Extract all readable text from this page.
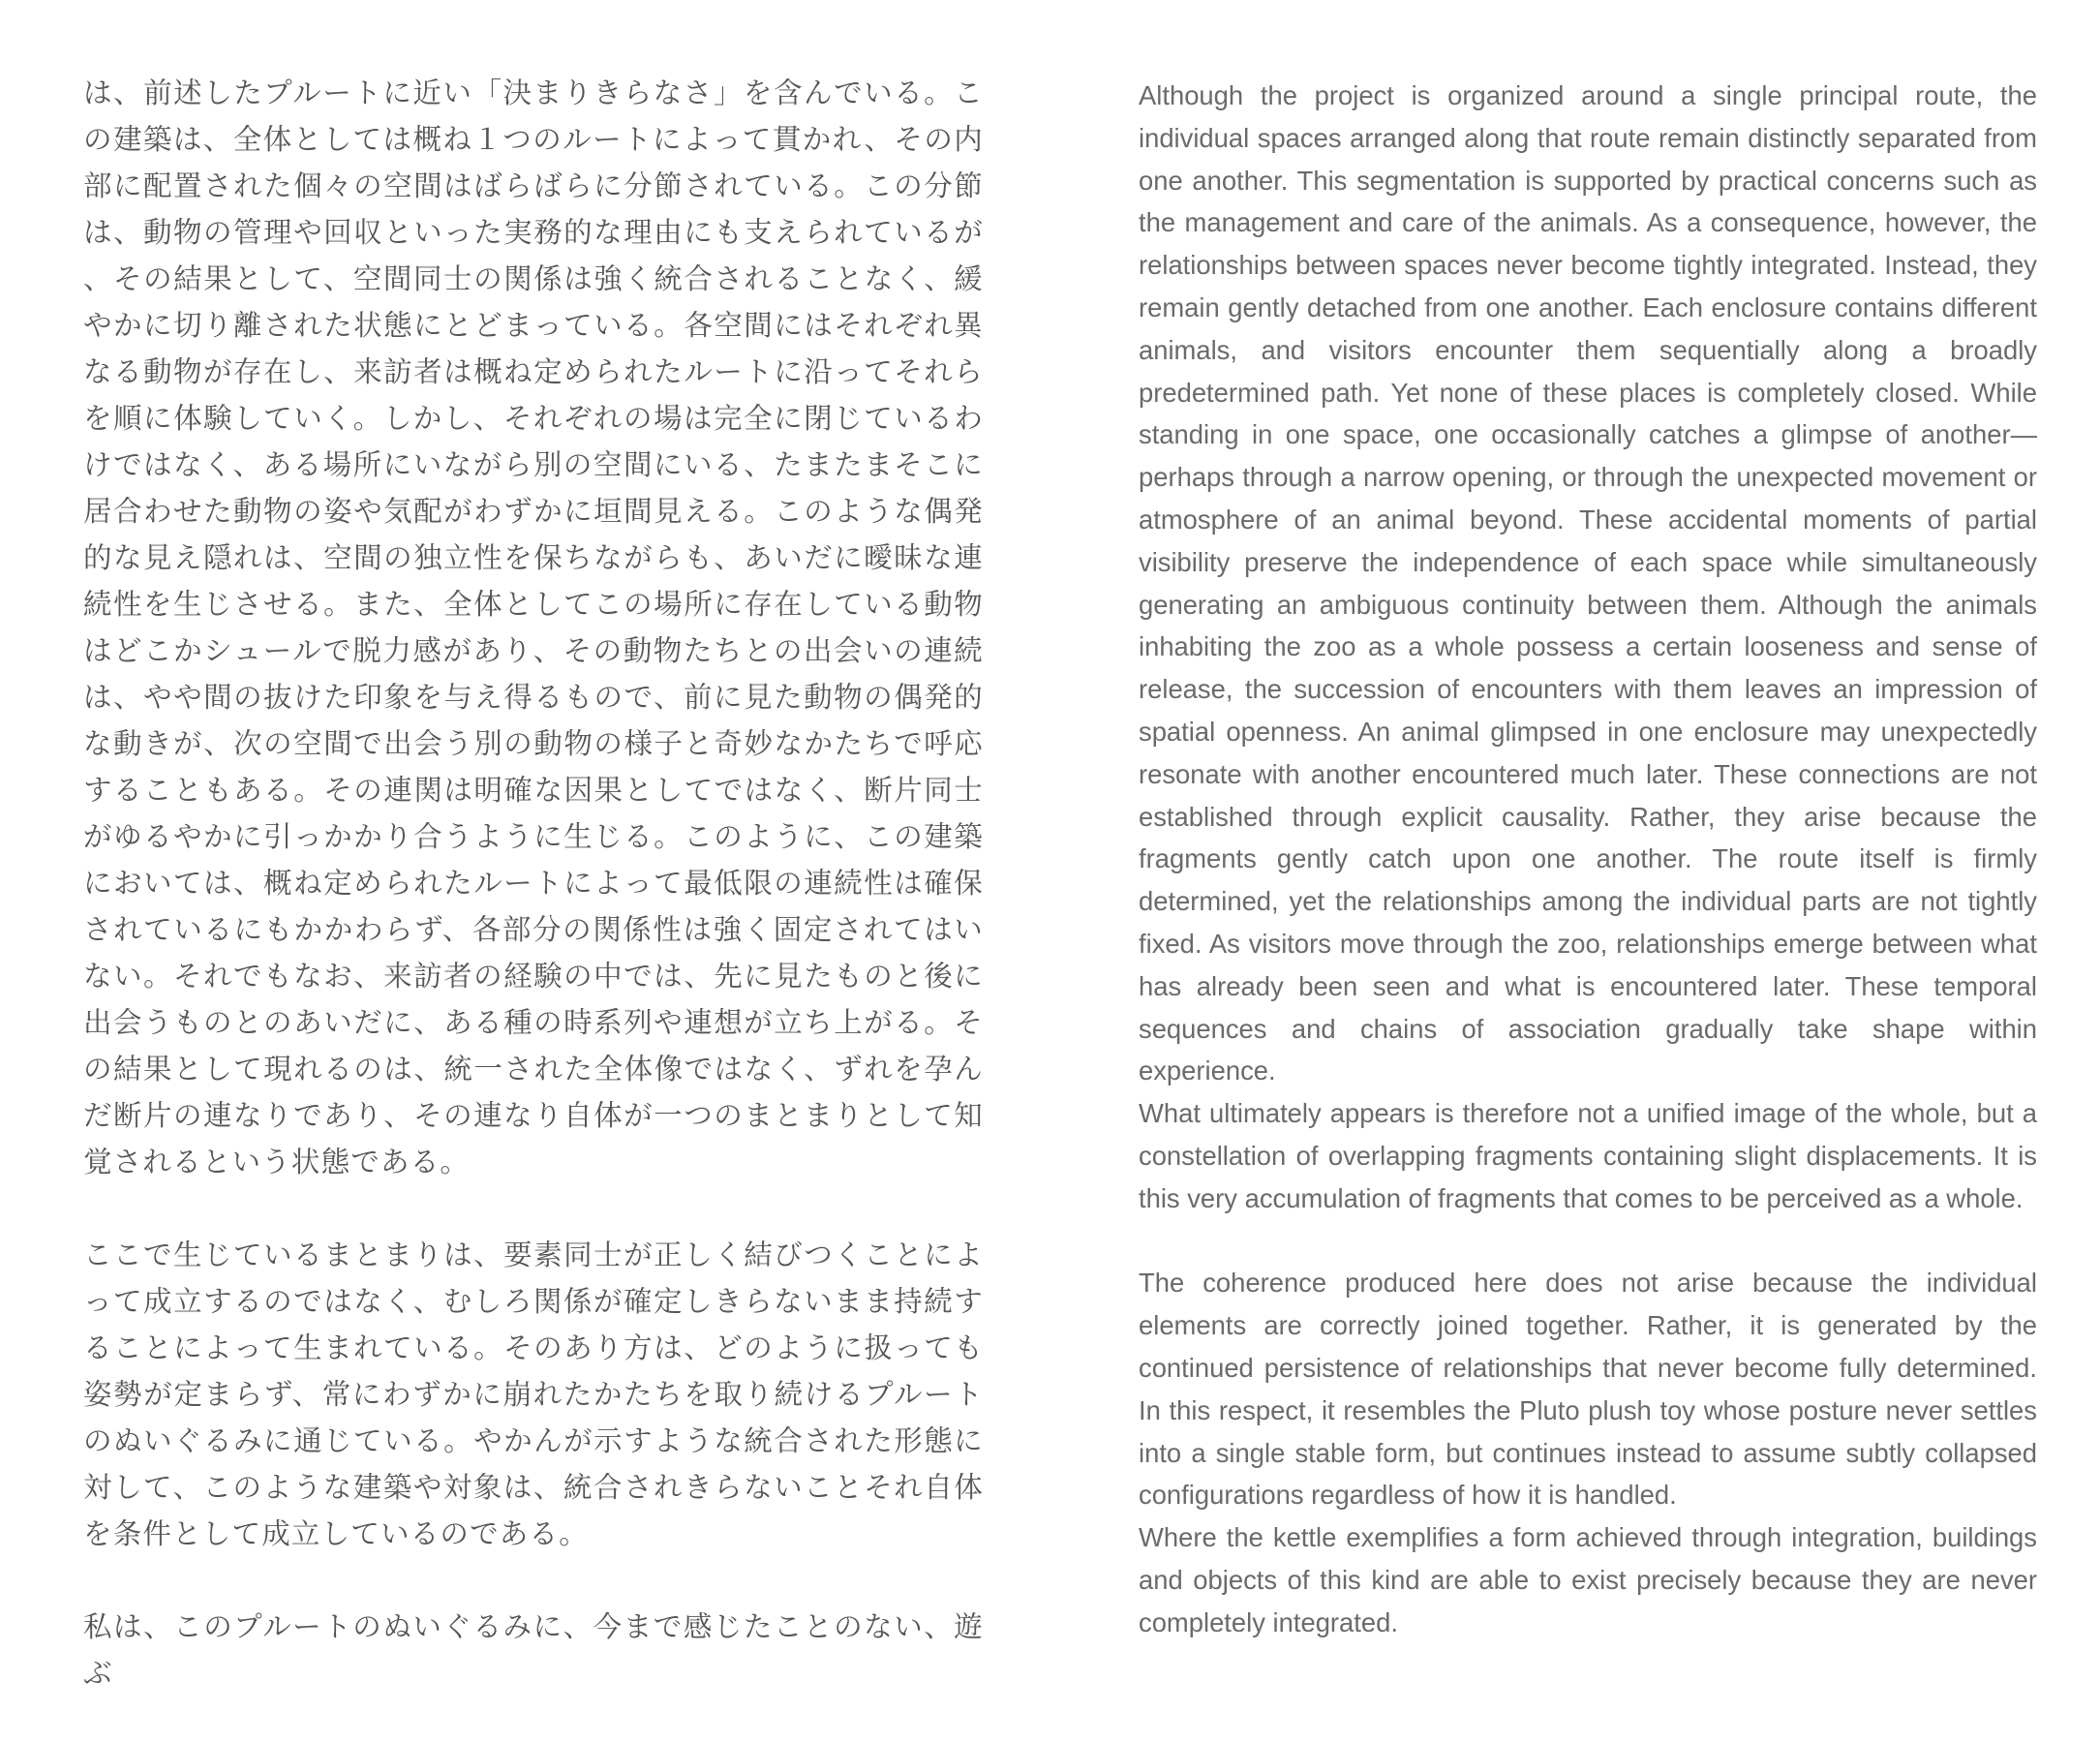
は、前述したプルートに近い「決まりきらなさ」を含んでいる。この建築は、全体としては概ね１つのルートによって貫かれ、その内部に配置された個々の空間はばらばらに分節されている。この分節は、動物の管理や回収といった実務的な理由にも支えられているが、その結果として、空間同士の関係は強く統合されることなく、緩やかに切り離された状態にとどまっている。各空間にはそれぞれ異なる動物が存在し、来訪者は概ね定められたルートに沿ってそれらを順に体験していく。しかし、それぞれの場は完全に閉じているわけではなく、ある場所にいながら別の空間にいる、たまたまそこに居合わせた動物の姿や気配がわずかに垣間見える。このような偶発的な見え隠れは、空間の独立性を保ちながらも、あいだに曖昧な連続性を生じさせる。また、全体としてこの場所に存在している動物はどこかシュールで脱力感があり、その動物たちとの出会いの連続は、やや間の抜けた印象を与え得るもので、前に見た動物の偶発的な動きが、次の空間で出会う別の動物の様子と奇妙なかたちで呼応することもある。その連関は明確な因果としてではなく、断片同士がゆるやかに引っかかり合うように生じる。このように、この建築においては、概ね定められたルートによって最低限の連続性は確保されているにもかかわらず、各部分の関係性は強く固定されてはいない。それでもなお、来訪者の経験の中では、先に見たものと後に出会うものとのあいだに、ある種の時系列や連想が立ち上がる。その結果として現れるのは、統一された全体像ではなく、ずれを孕んだ断片の連なりであり、その連なり自体が一つのまとまりとして知覚されるという状態である。

ここで生じているまとまりは、要素同士が正しく結びつくことによって成立するのではなく、むしろ関係が確定しきらないまま持続することによって生まれている。そのあり方は、どのように扱っても姿勢が定まらず、常にわずかに崩れたかたちを取り続けるプルートのぬいぐるみに通じている。やかんが示すような統合された形態に対して、このような建築や対象は、統合されきらないことそれ自体を条件として成立しているのである。

私は、このプルートのぬいぐるみに、今まで感じたことのない、遊ぶ

Although the project is organized around a single principal route, the individual spaces arranged along that route remain distinctly separated from one another. This segmentation is supported by practical concerns such as the management and care of the animals. As a consequence, however, the relationships between spaces never become tightly integrated. Instead, they remain gently detached from one another. Each enclosure contains different animals, and visitors encounter them sequentially along a broadly predetermined path. Yet none of these places is completely closed. While standing in one space, one occasionally catches a glimpse of another—perhaps through a narrow opening, or through the unexpected movement or atmosphere of an animal beyond. These accidental moments of partial visibility preserve the independence of each space while simultaneously generating an ambiguous continuity between them. Although the animals inhabiting the zoo as a whole possess a certain looseness and sense of release, the succession of encounters with them leaves an impression of spatial openness. An animal glimpsed in one enclosure may unexpectedly resonate with another encountered much later. These connections are not established through explicit causality. Rather, they arise because the fragments gently catch upon one another. The route itself is firmly determined, yet the relationships among the individual parts are not tightly fixed. As visitors move through the zoo, relationships emerge between what has already been seen and what is encountered later. These temporal sequences and chains of association gradually take shape within experience.

What ultimately appears is therefore not a unified image of the whole, but a constellation of overlapping fragments containing slight displacements. It is this very accumulation of fragments that comes to be perceived as a whole.

The coherence produced here does not arise because the individual elements are correctly joined together. Rather, it is generated by the continued persistence of relationships that never become fully determined. In this respect, it resembles the Pluto plush toy whose posture never settles into a single stable form, but continues instead to assume subtly collapsed configurations regardless of how it is handled.

Where the kettle exemplifies a form achieved through integration, buildings and objects of this kind are able to exist precisely because they are never completely integrated.
